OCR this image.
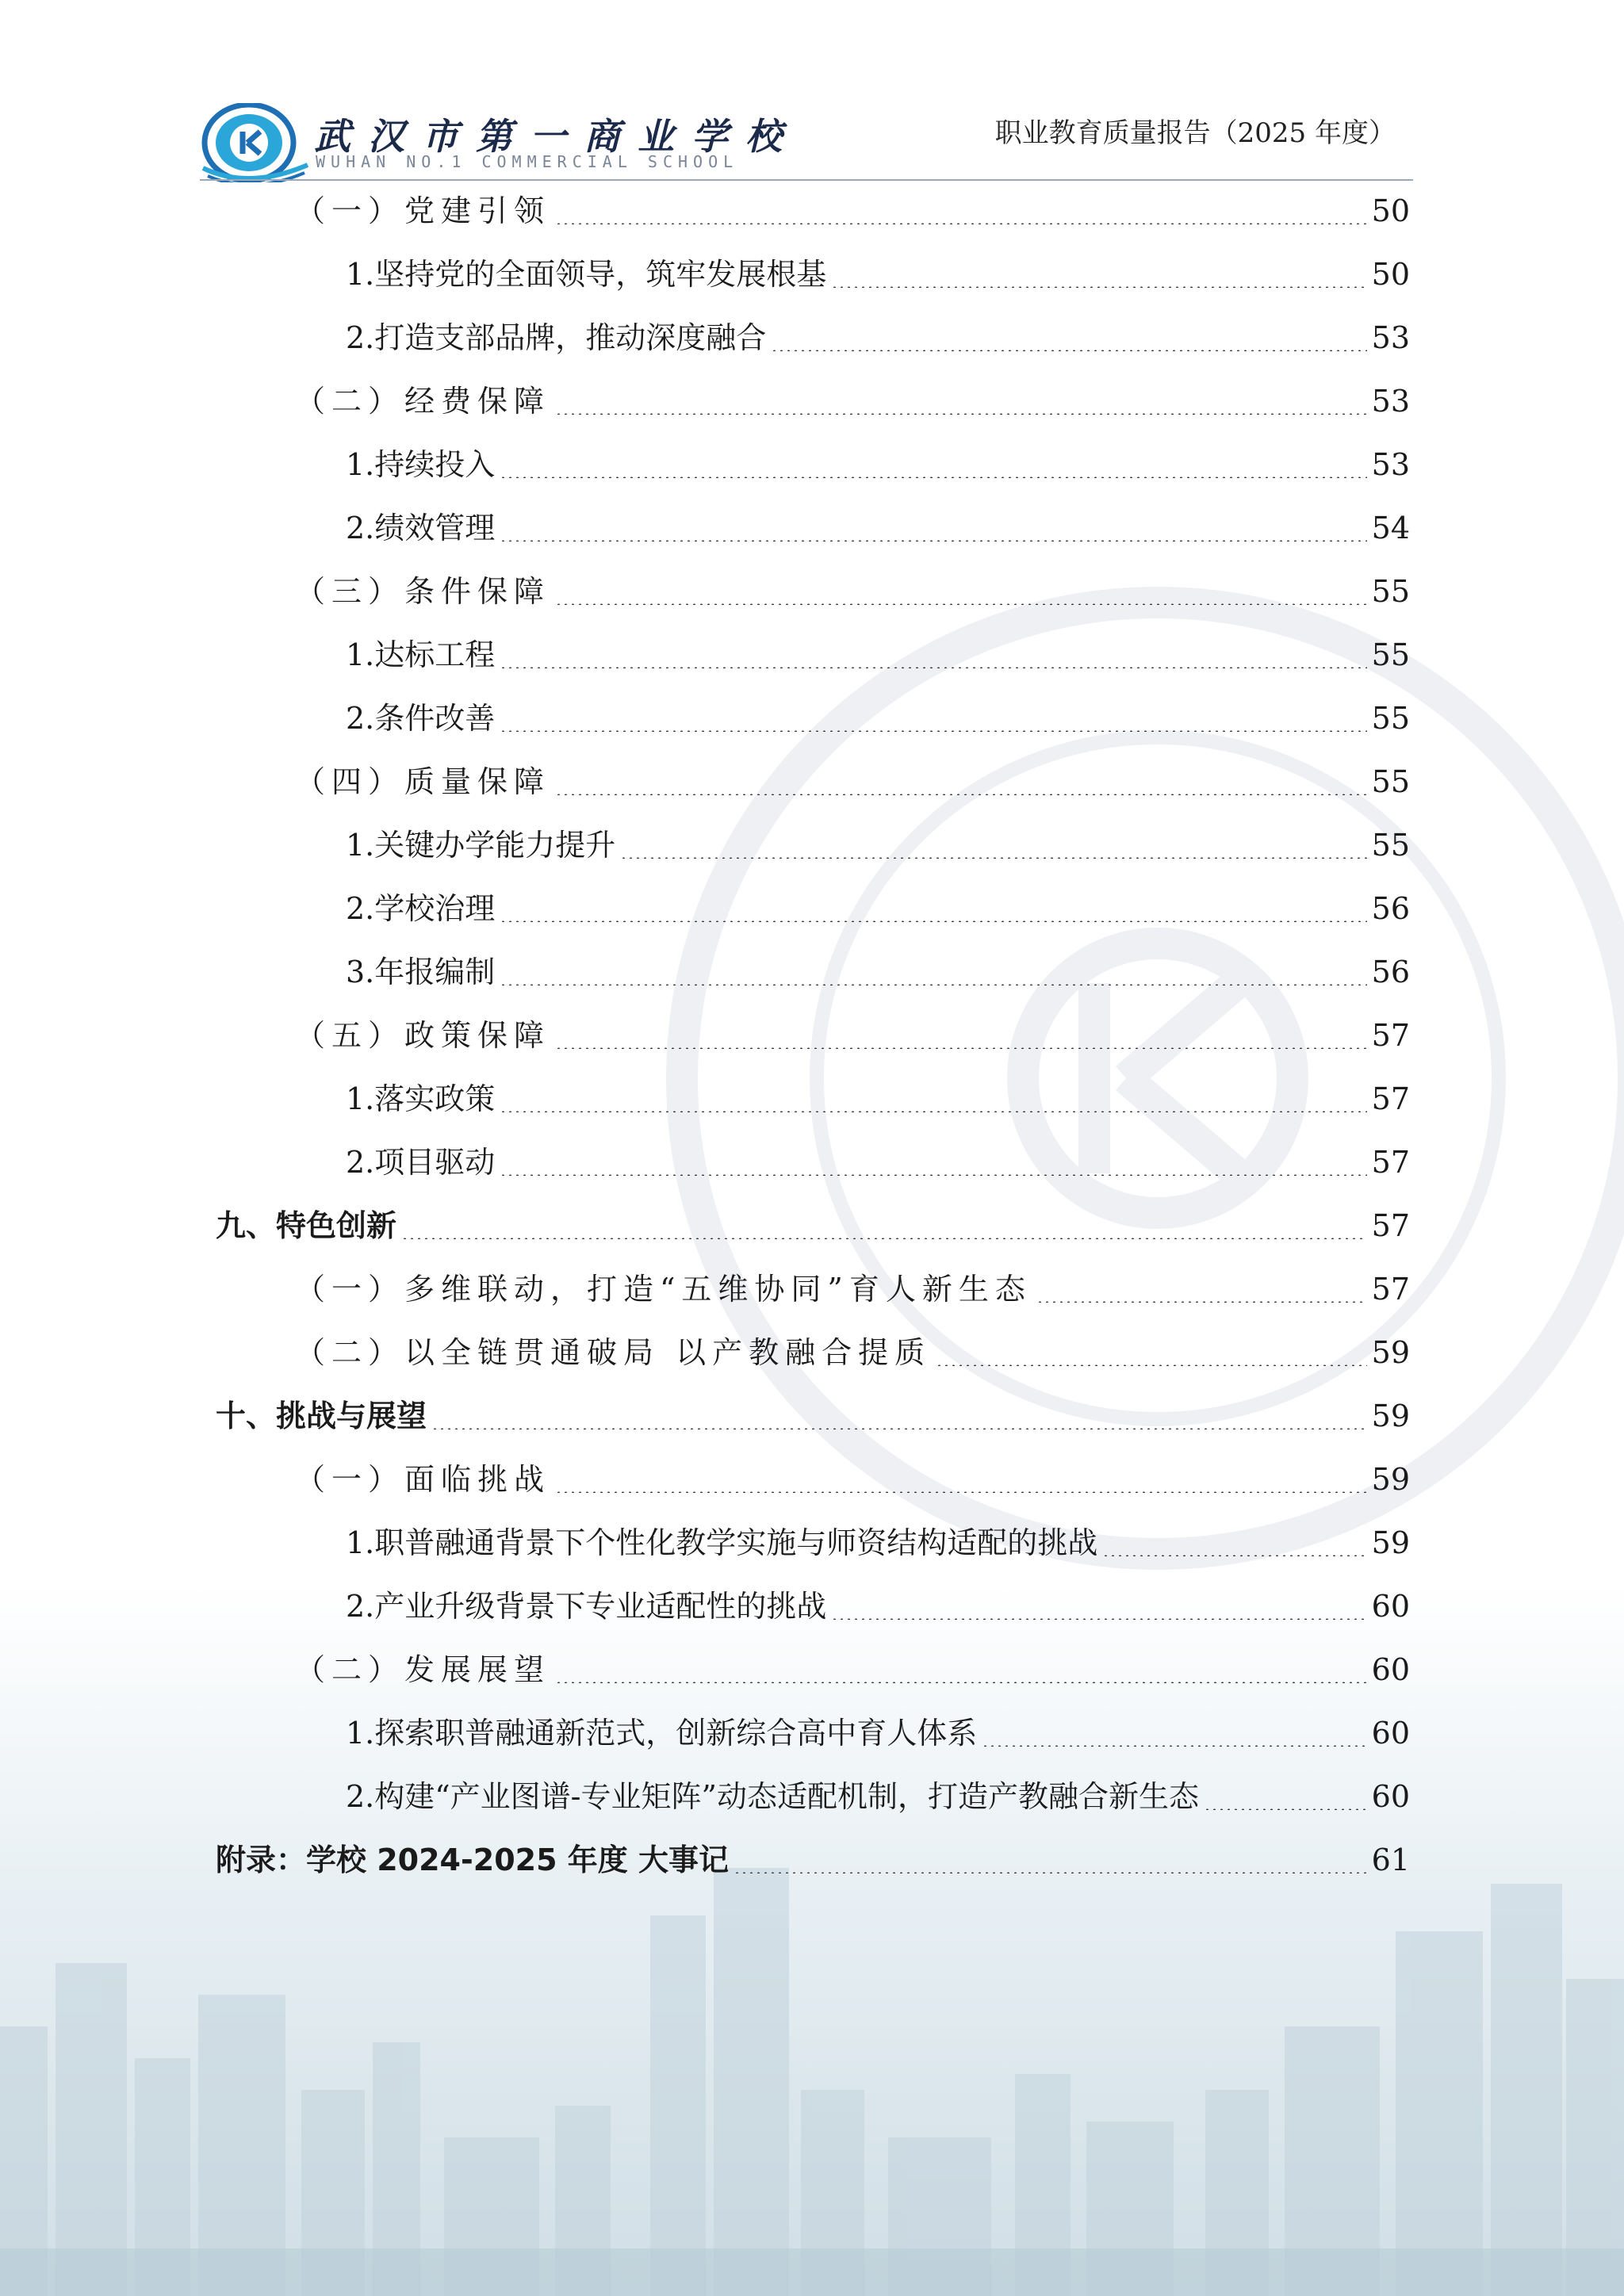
武汉市第一商业学校
WUHAN NO.1 COMMERCIAL SCHOOL
职业教育质量报告（2025 年度）
（一）党建引领	50
1.坚持党的全面领导，筑牢发展根基	50
2.打造支部品牌，推动深度融合	53
（二）经费保障	53
1.持续投入	53
2.绩效管理	54
（三）条件保障	55
1.达标工程	55
2.条件改善	55
（四）质量保障	55
1.关键办学能力提升	55
2.学校治理	56
3.年报编制	56
（五）政策保障	57
1.落实政策	57
2.项目驱动	57
九、特色创新	57
（一）多维联动，打造“五维协同”育人新生态	57
（二）以全链贯通破局 以产教融合提质	59
十、挑战与展望	59
（一）面临挑战	59
1.职普融通背景下个性化教学实施与师资结构适配的挑战	59
2.产业升级背景下专业适配性的挑战	60
（二）发展展望	60
1.探索职普融通新范式，创新综合高中育人体系	60
2.构建“产业图谱-专业矩阵”动态适配机制，打造产教融合新生态	60
附录：学校 2024-2025 年度 大事记	61
